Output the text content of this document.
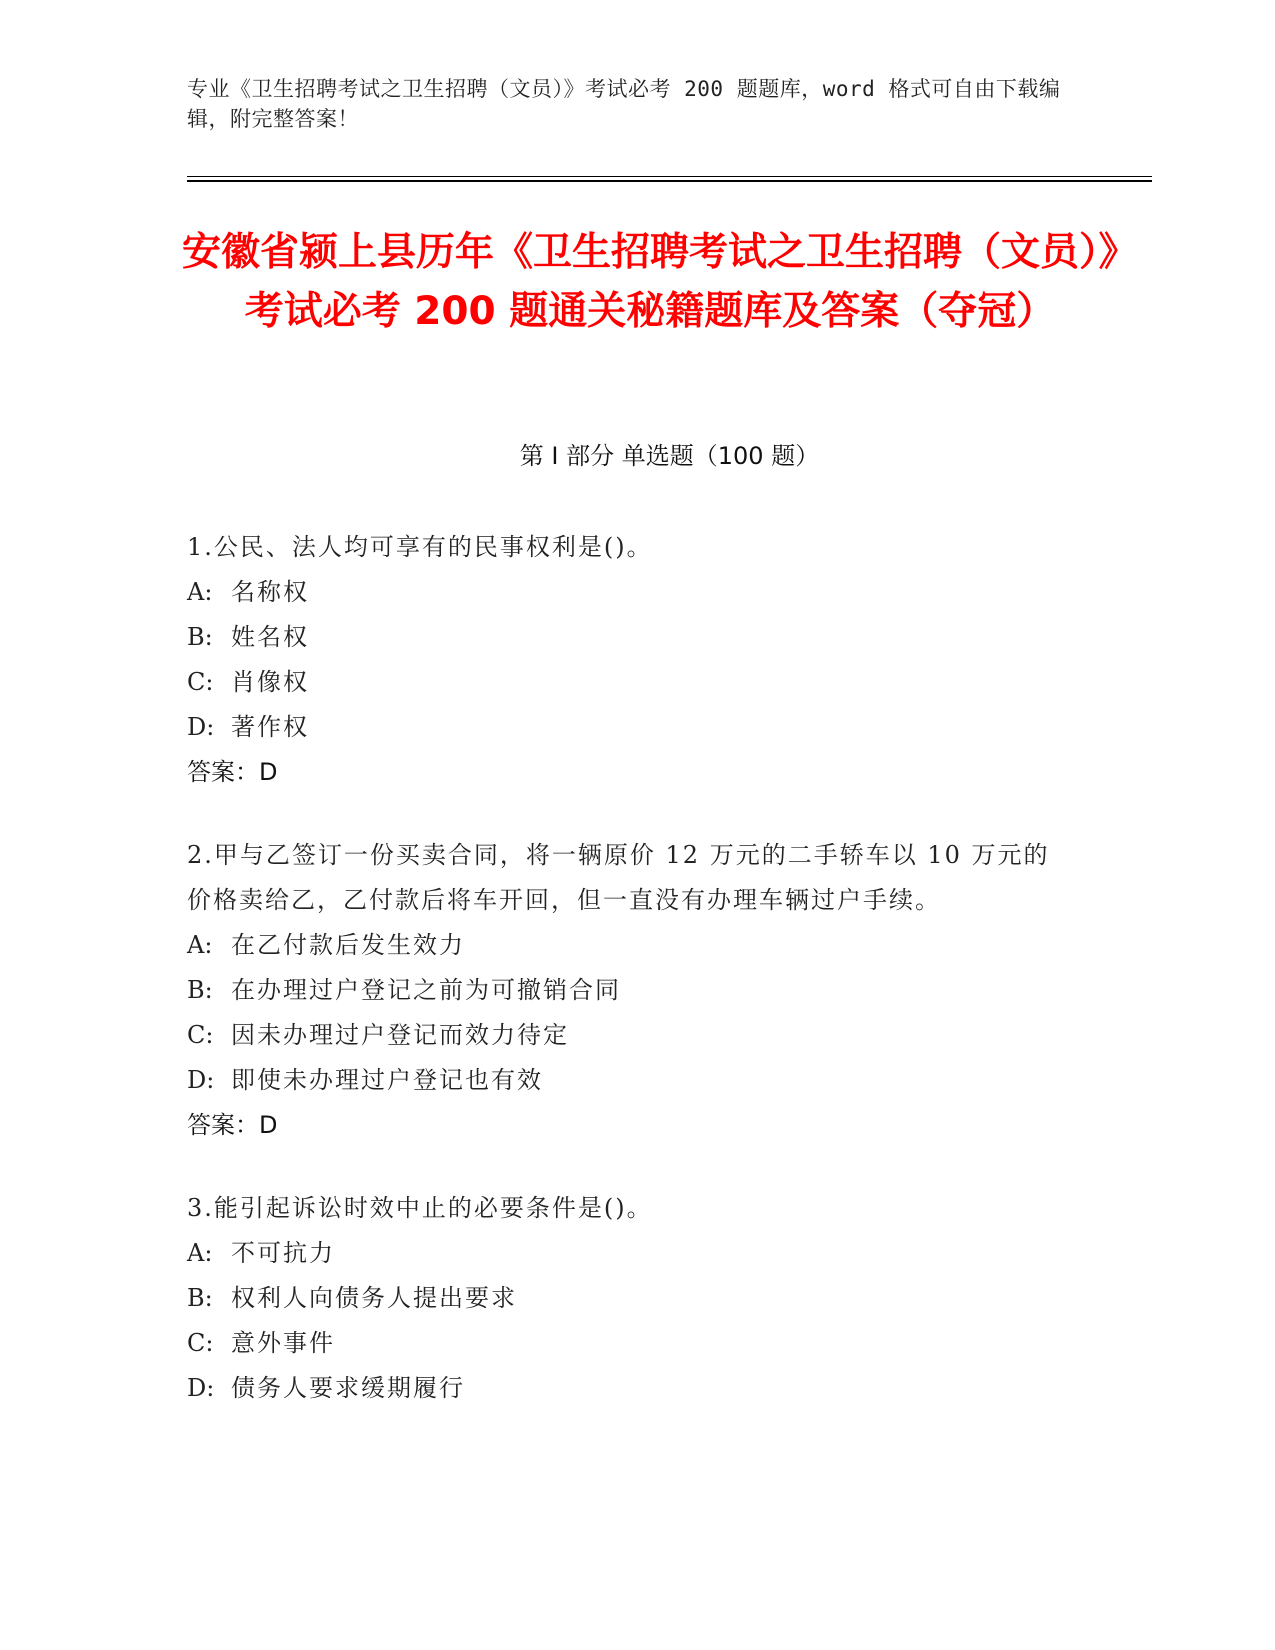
专业《卫生招聘考试之卫生招聘（文员）》考试必考 200 题题库，word 格式可自由下载编辑，附完整答案！
安徽省颍上县历年《卫生招聘考试之卫生招聘（文员）》考试必考 200 题通关秘籍题库及答案（夺冠）
第 I 部分 单选题（100 题）
1.公民、法人均可享有的民事权利是()。
A: 名称权
B: 姓名权
C: 肖像权
D: 著作权
答案：D
2.甲与乙签订一份买卖合同，将一辆原价 12 万元的二手轿车以 10 万元的价格卖给乙，乙付款后将车开回，但一直没有办理车辆过户手续。
A: 在乙付款后发生效力
B: 在办理过户登记之前为可撤销合同
C: 因未办理过户登记而效力待定
D: 即使未办理过户登记也有效
答案：D
3.能引起诉讼时效中止的必要条件是()。
A: 不可抗力
B: 权利人向债务人提出要求
C: 意外事件
D: 债务人要求缓期履行
